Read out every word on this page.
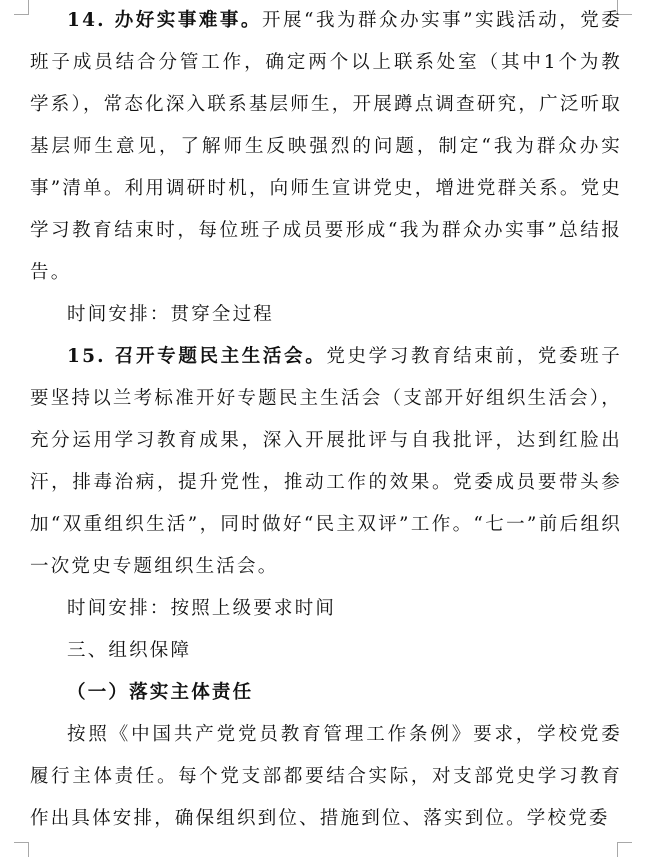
14. 办好实事难事。开展“我为群众办实事”实践活动，党委班子成员结合分管工作，确定两个以上联系处室（其中1个为教学系），常态化深入联系基层师生，开展蹲点调查研究，广泛听取基层师生意见，了解师生反映强烈的问题，制定“我为群众办实事”清单。利用调研时机，向师生宣讲党史，增进党群关系。党史学习教育结束时，每位班子成员要形成“我为群众办实事”总结报告。

时间安排：贯穿全过程

15. 召开专题民主生活会。党史学习教育结束前，党委班子要坚持以兰考标准开好专题民主生活会（支部开好组织生活会），充分运用学习教育成果，深入开展批评与自我批评，达到红脸出汗，排毒治病，提升党性，推动工作的效果。党委成员要带头参加“双重组织生活”，同时做好“民主双评”工作。“七一”前后组织一次党史专题组织生活会。

时间安排：按照上级要求时间

三、组织保障

（一）落实主体责任

按照《中国共产党党员教育管理工作条例》要求，学校党委履行主体责任。每个党支部都要结合实际，对支部党史学习教育作出具体安排，确保组织到位、措施到位、落实到位。学校党委
